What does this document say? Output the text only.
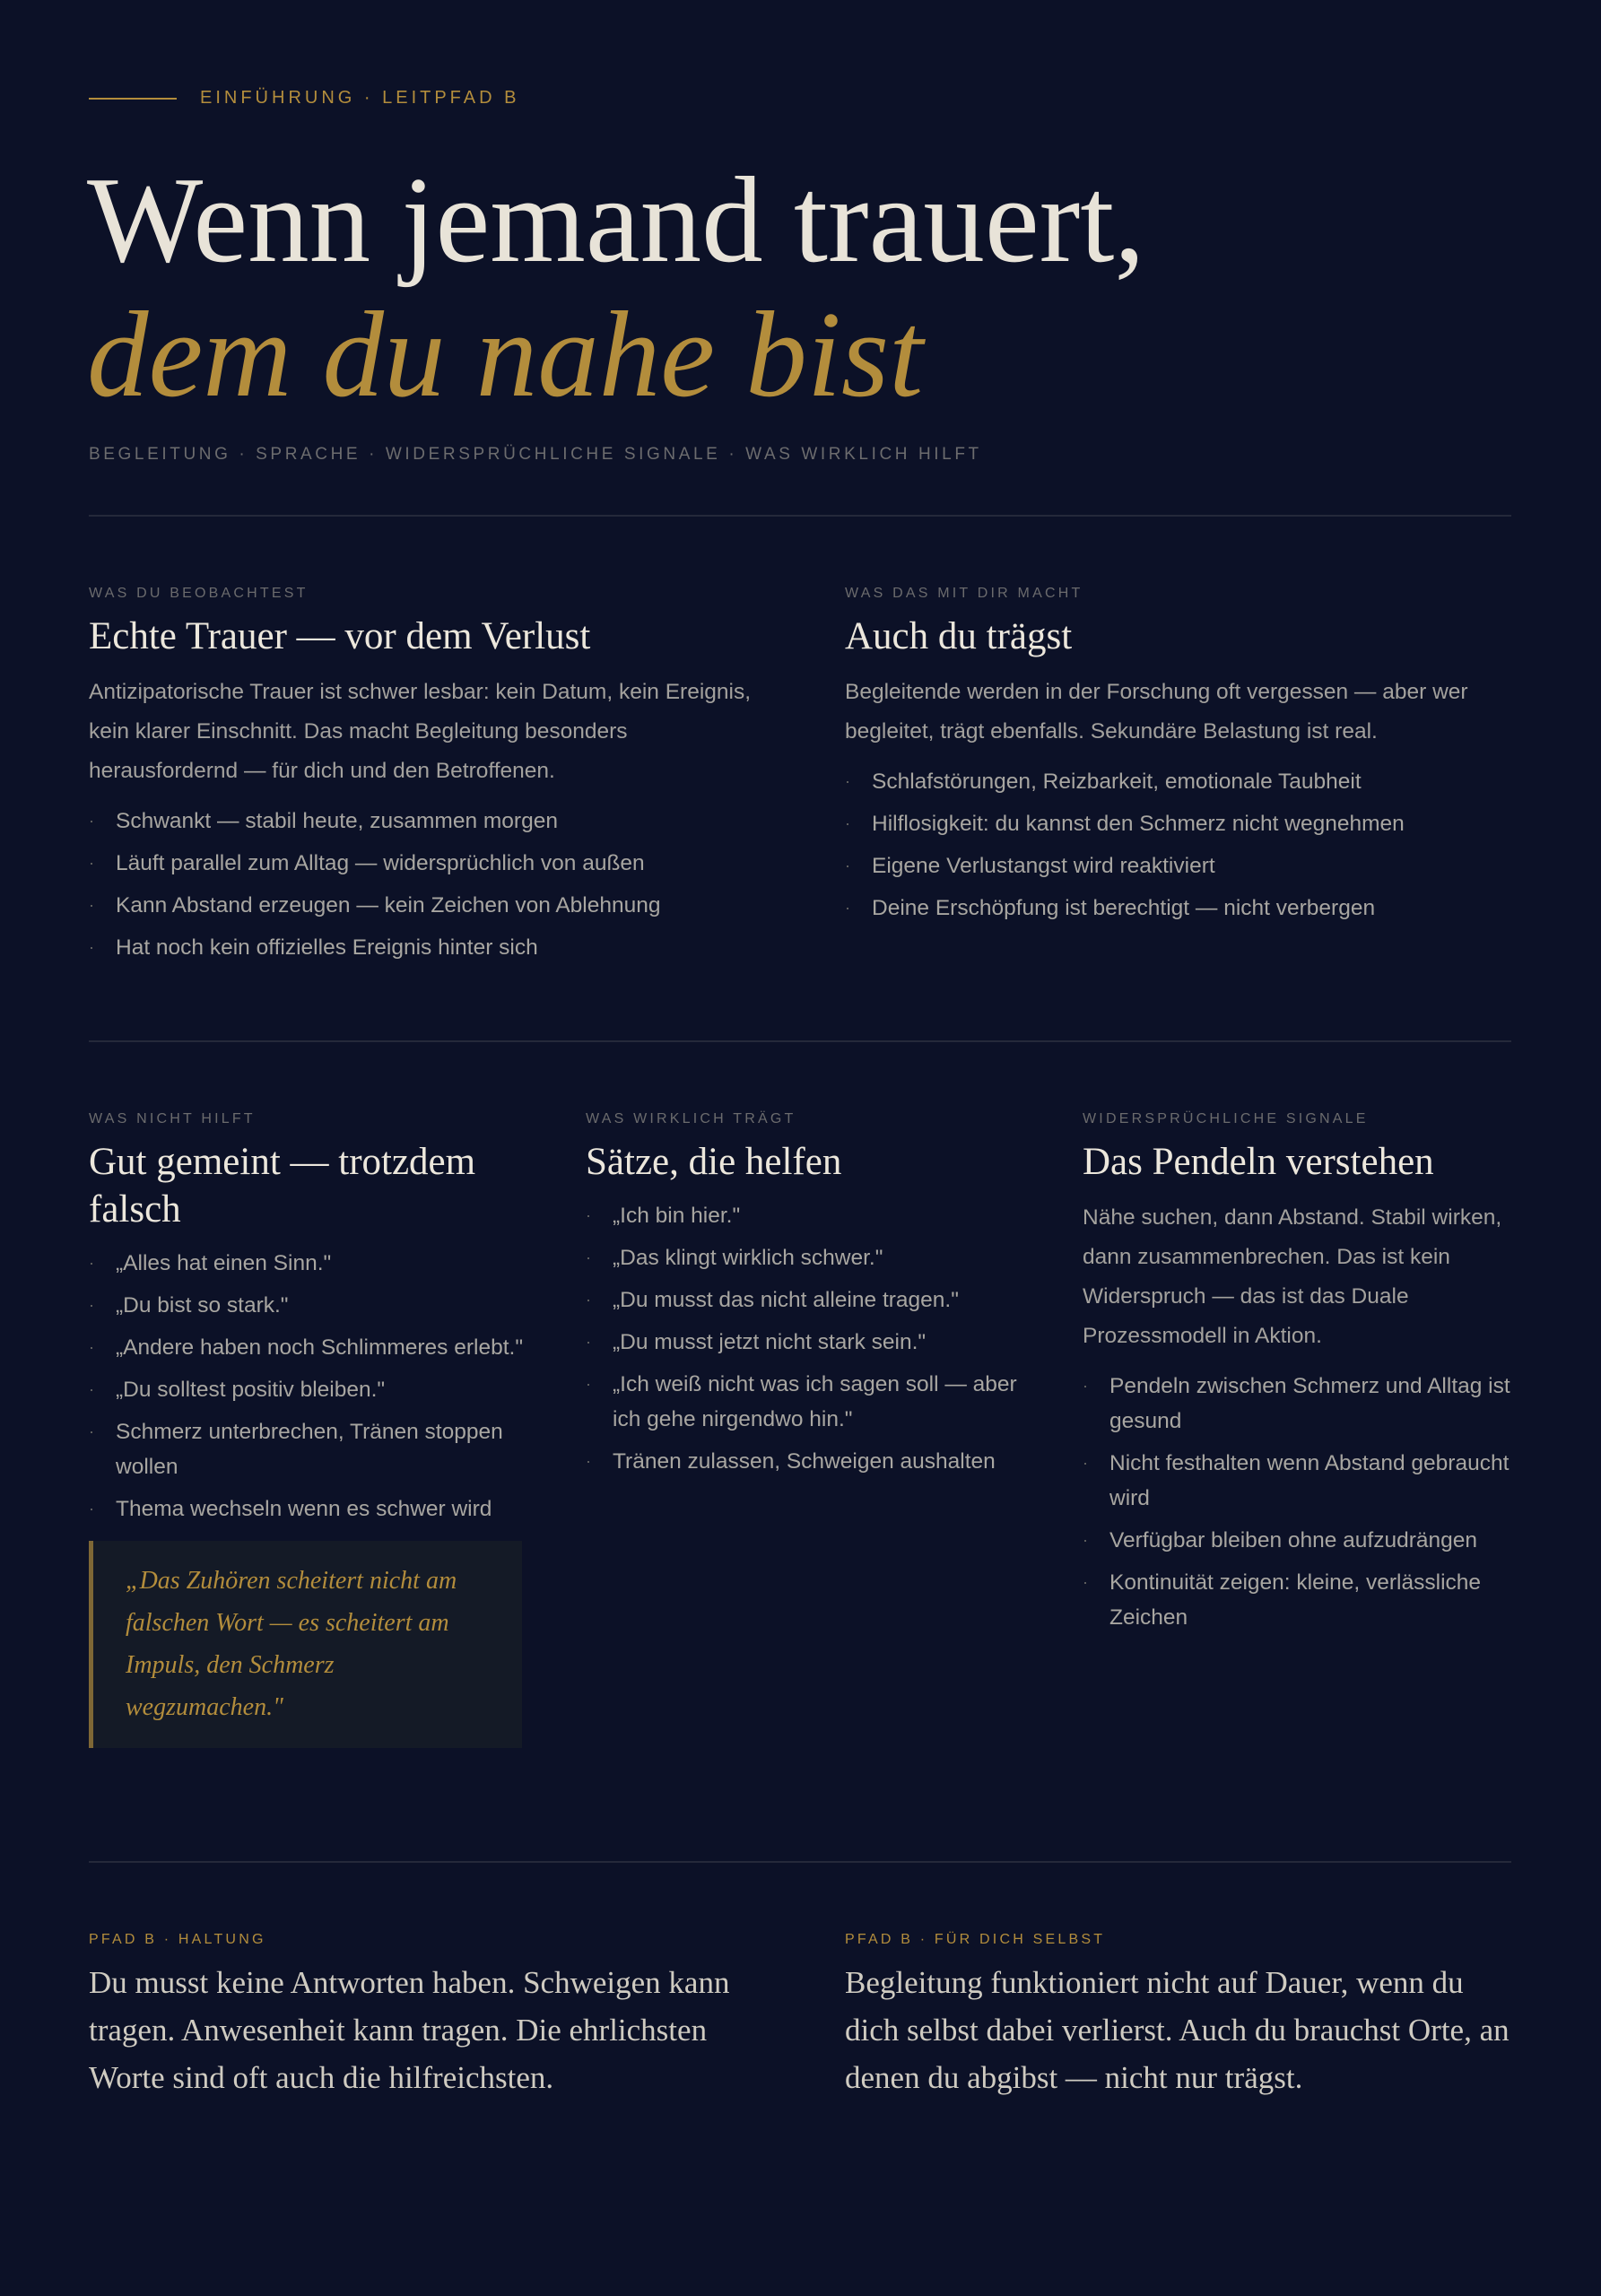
EINFÜHRUNG · LEITPFAD B
Wenn jemand trauert,
dem du nahe bist
BEGLEITUNG · SPRACHE · WIDERSPRÜCHLICHE SIGNALE · WAS WIRKLICH HILFT
WAS DU BEOBACHTEST
Echte Trauer — vor dem Verlust

Antizipatorische Trauer ist schwer lesbar: kein Datum, kein Ereignis, kein klarer Einschnitt. Das macht Begleitung besonders herausfordernd — für dich und den Betroffenen.

· Schwankt — stabil heute, zusammen morgen
· Läuft parallel zum Alltag — widersprüchlich von außen
· Kann Abstand erzeugen — kein Zeichen von Ablehnung
· Hat noch kein offizielles Ereignis hinter sich
WAS DAS MIT DIR MACHT
Auch du trägst

Begleitende werden in der Forschung oft vergessen — aber wer begleitet, trägt ebenfalls. Sekundäre Belastung ist real.

· Schlafstörungen, Reizbarkeit, emotionale Taubheit
· Hilflosigkeit: du kannst den Schmerz nicht wegnehmen
· Eigene Verlustangst wird reaktiviert
· Deine Erschöpfung ist berechtigt — nicht verbergen
WAS NICHT HILFT
Gut gemeint — trotzdem falsch
· „Alles hat einen Sinn."
· „Du bist so stark."
· „Andere haben noch Schlimmeres erlebt."
· „Du solltest positiv bleiben."
· Schmerz unterbrechen, Tränen stoppen wollen
· Thema wechseln wenn es schwer wird
„Das Zuhören scheitert nicht am falschen Wort — es scheitert am Impuls, den Schmerz wegzumachen."
WAS WIRKLICH TRÄGT
Sätze, die helfen
· „Ich bin hier."
· „Das klingt wirklich schwer."
· „Du musst das nicht alleine tragen."
· „Du musst jetzt nicht stark sein."
· „Ich weiß nicht was ich sagen soll — aber ich gehe nirgendwo hin."
· Tränen zulassen, Schweigen aushalten
WIDERSPRÜCHLICHE SIGNALE
Das Pendeln verstehen

Nähe suchen, dann Abstand. Stabil wirken, dann zusammenbrechen. Das ist kein Widerspruch — das ist das Duale Prozessmodell in Aktion.

· Pendeln zwischen Schmerz und Alltag ist gesund
· Nicht festhalten wenn Abstand gebraucht wird
· Verfügbar bleiben ohne aufzudrängen
· Kontinuität zeigen: kleine, verlässliche Zeichen
PFAD B · HALTUNG

Du musst keine Antworten haben. Schweigen kann tragen. Anwesenheit kann tragen. Die ehrlichsten Worte sind oft auch die hilfreichsten.

PFAD B · FÜR DICH SELBST

Begleitung funktioniert nicht auf Dauer, wenn du dich selbst dabei verlierst. Auch du brauchst Orte, an denen du abgibst — nicht nur trägst.
